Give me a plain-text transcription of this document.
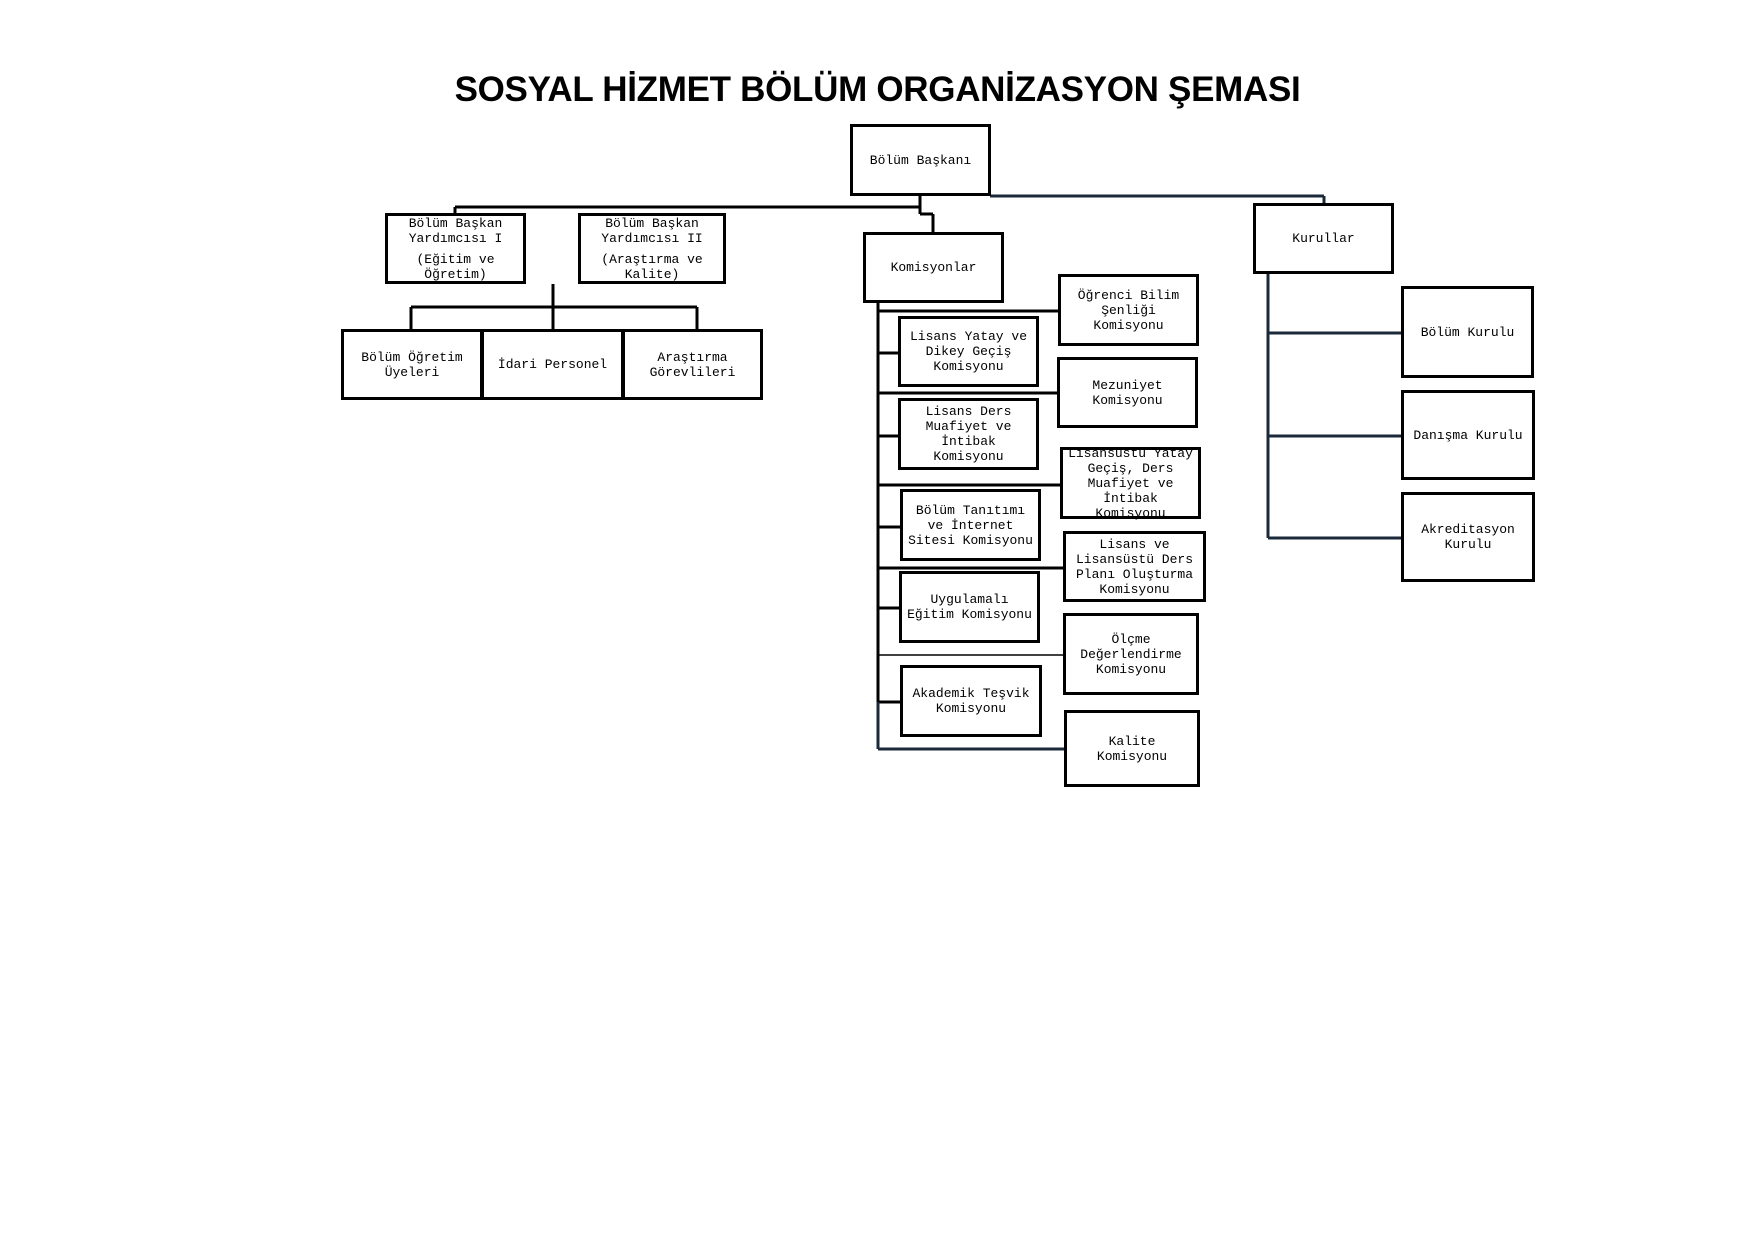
SOSYAL HİZMET BÖLÜM ORGANİZASYON ŞEMASI
Bölüm Başkanı
Bölüm Başkan Yardımcısı I
(Eğitim ve Öğretim)
Bölüm Başkan Yardımcısı II
(Araştırma ve Kalite)
Bölüm Öğretim Üyeleri	İdari Personel	Araştırma Görevlileri
Komisyonlar
Kurullar
Lisans Yatay ve Dikey Geçiş Komisyonu
Lisans Ders Muafiyet ve İntibak Komisyonu
Bölüm Tanıtımı ve İnternet Sitesi Komisyonu
Uygulamalı Eğitim Komisyonu
Akademik Teşvik Komisyonu
Öğrenci Bilim Şenliği Komisyonu
Mezuniyet Komisyonu
Lisansüstü Yatay Geçiş, Ders Muafiyet ve İntibak Komisyonu
Lisans ve Lisansüstü Ders Planı Oluşturma Komisyonu
Ölçme Değerlendirme Komisyonu
Kalite Komisyonu
Bölüm Kurulu
Danışma Kurulu
Akreditasyon Kurulu
